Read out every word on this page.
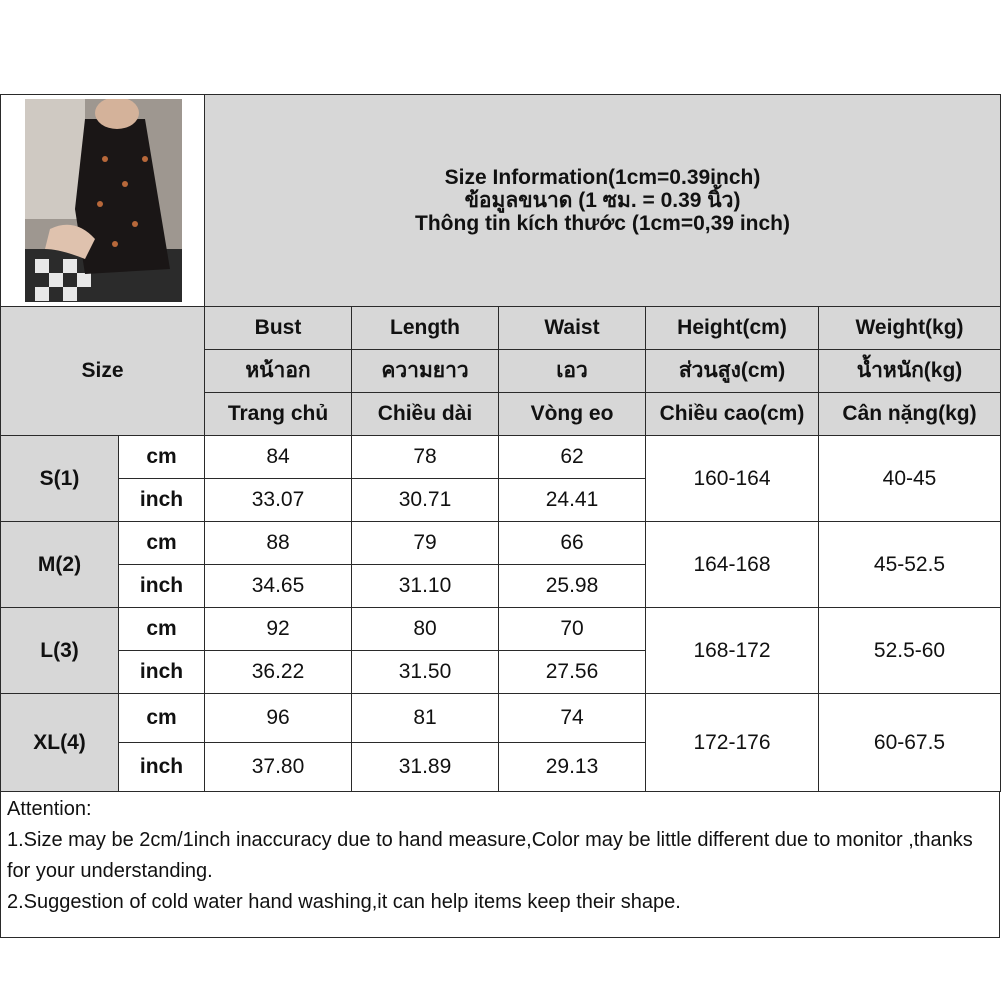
Size Information(1cm=0.39inch)
ข้อมูลขนาด (1 ซม. = 0.39 นิ้ว)
Thông tin kích thước (1cm=0,39 inch)				

Size		Bust	Length	Waist	Height(cm)	Weight(kg)
		หน้าอก	ความยาว	เอว	ส่วนสูง(cm)	น้ำหนัก(kg)
		Trang chủ	Chiều dài	Vòng eo	Chiều cao(cm)	Cân nặng(kg)
S(1)	cm	84	78	62	160-164	40-45
	inch	33.07	30.71	24.41		
M(2)	cm	88	79	66	164-168	45-52.5
	inch	34.65	31.10	25.98		
L(3)	cm	92	80	70	168-172	52.5-60
	inch	36.22	31.50	27.56		
XL(4)	cm	96	81	74	172-176	60-67.5
	inch	37.80	31.89	29.13		
Attention:
1.Size may be 2cm/1inch inaccuracy due to hand measure,Color may be little different due to monitor ,thanks for your understanding.
2.Suggestion of cold water hand washing,it can help items keep their shape.
